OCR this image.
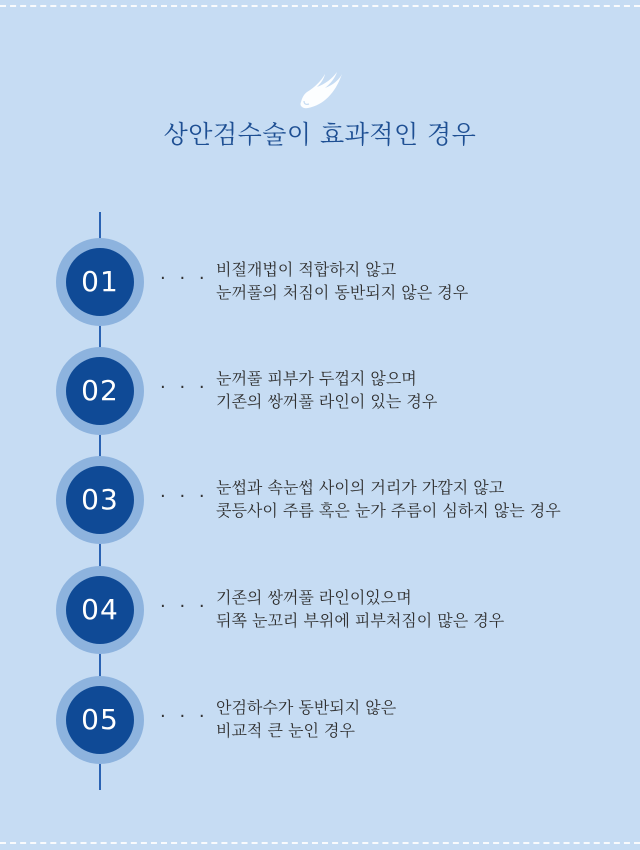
상안검수술이 효과적인 경우
01	· · · 비절개법이 적합하지 않고
눈꺼풀의 처짐이 동반되지 않은 경우
02	· · · 눈꺼풀 피부가 두껍지 않으며
기존의 쌍꺼풀 라인이 있는 경우
03	· · · 눈썹과 속눈썹 사이의 거리가 가깝지 않고
콧등사이 주름 혹은 눈가 주름이 심하지 않는 경우
04	· · · 기존의 쌍꺼풀 라인이있으며
뒤쪽 눈꼬리 부위에 피부처짐이 많은 경우
05	· · · 안검하수가 동반되지 않은
비교적 큰 눈인 경우
